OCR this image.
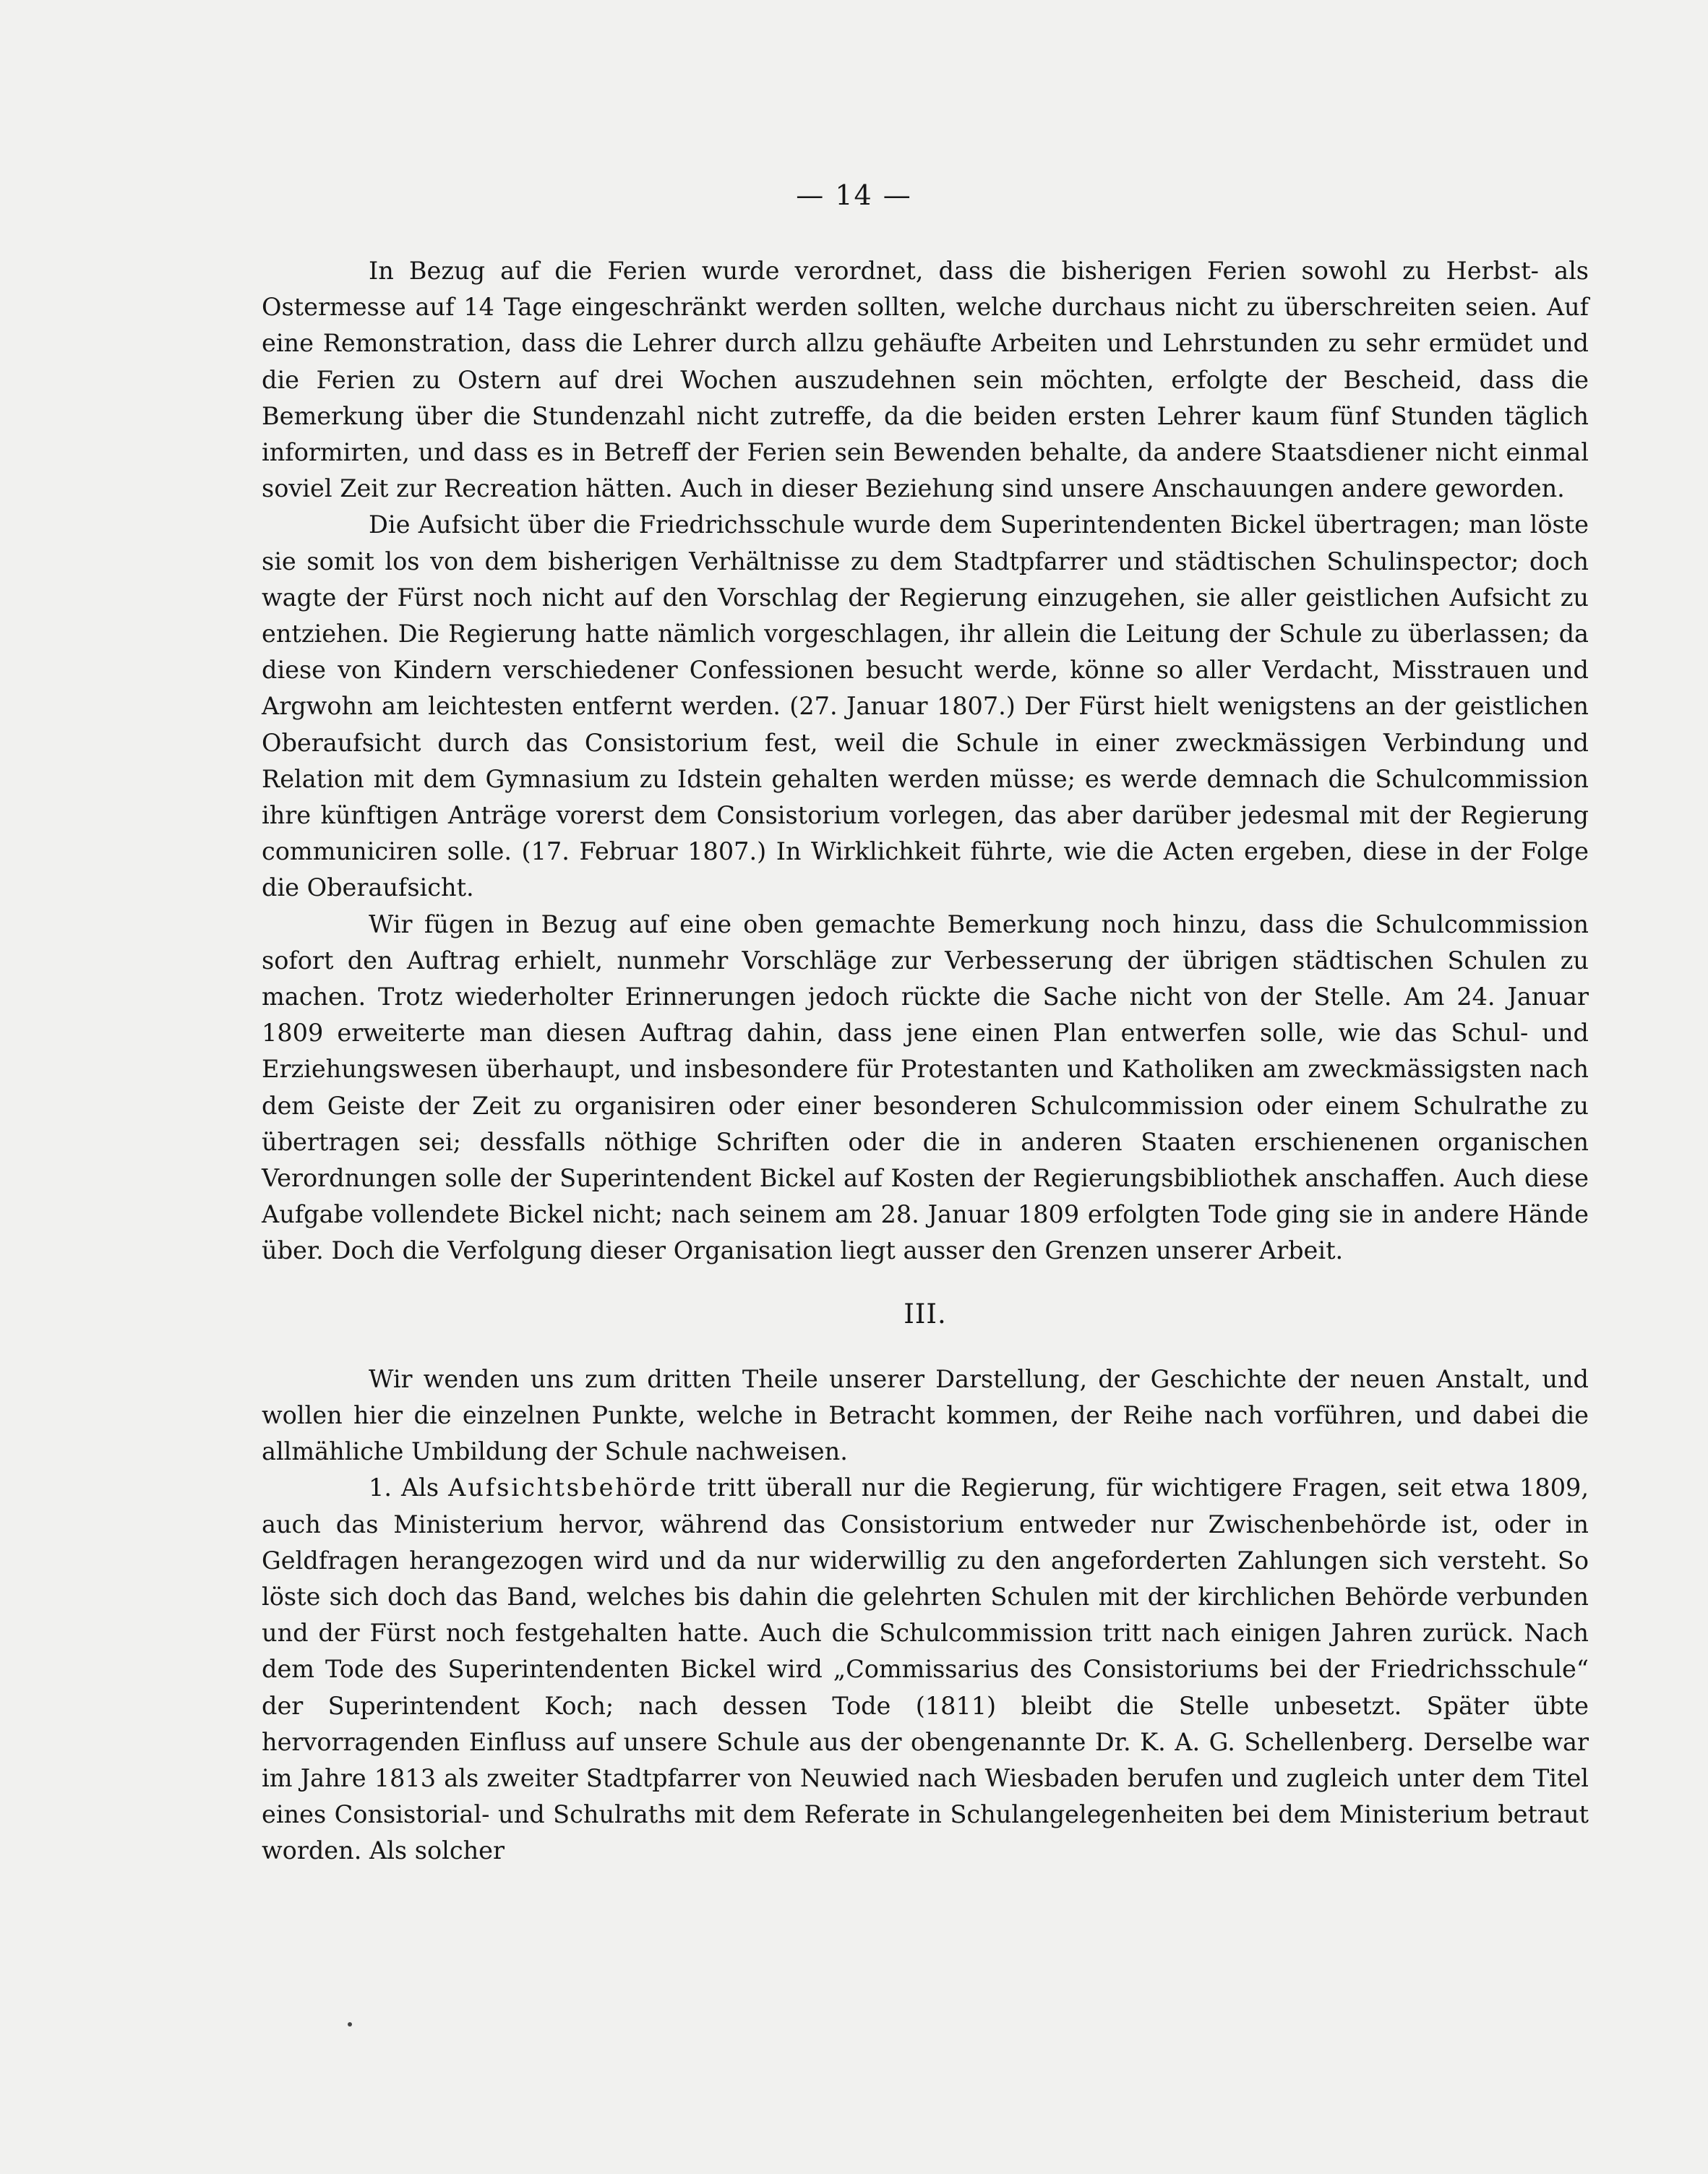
— 14 —

In Bezug auf die Ferien wurde verordnet, dass die bisherigen Ferien sowohl zu Herbst- als Ostermesse auf 14 Tage eingeschränkt werden sollten, welche durchaus nicht zu überschreiten seien. Auf eine Remonstration, dass die Lehrer durch allzu gehäufte Arbeiten und Lehrstunden zu sehr ermüdet und die Ferien zu Ostern auf drei Wochen auszudehnen sein möchten, erfolgte der Bescheid, dass die Bemerkung über die Stundenzahl nicht zutreffe, da die beiden ersten Lehrer kaum fünf Stunden täglich informirten, und dass es in Betreff der Ferien sein Bewenden behalte, da andere Staatsdiener nicht einmal soviel Zeit zur Recreation hätten. Auch in dieser Beziehung sind unsere Anschauungen andere geworden.

Die Aufsicht über die Friedrichsschule wurde dem Superintendenten Bickel übertragen; man löste sie somit los von dem bisherigen Verhältnisse zu dem Stadtpfarrer und städtischen Schulinspector; doch wagte der Fürst noch nicht auf den Vorschlag der Regierung einzugehen, sie aller geistlichen Aufsicht zu entziehen. Die Regierung hatte nämlich vorgeschlagen, ihr allein die Leitung der Schule zu überlassen; da diese von Kindern verschiedener Confessionen besucht werde, könne so aller Verdacht, Misstrauen und Argwohn am leichtesten entfernt werden. (27. Januar 1807.) Der Fürst hielt wenigstens an der geistlichen Oberaufsicht durch das Consistorium fest, weil die Schule in einer zweckmässigen Verbindung und Relation mit dem Gymnasium zu Idstein gehalten werden müsse; es werde demnach die Schulcommission ihre künftigen Anträge vorerst dem Consistorium vorlegen, das aber darüber jedesmal mit der Regierung communiciren solle. (17. Februar 1807.) In Wirklichkeit führte, wie die Acten ergeben, diese in der Folge die Oberaufsicht.

Wir fügen in Bezug auf eine oben gemachte Bemerkung noch hinzu, dass die Schulcommission sofort den Auftrag erhielt, nunmehr Vorschläge zur Verbesserung der übrigen städtischen Schulen zu machen. Trotz wiederholter Erinnerungen jedoch rückte die Sache nicht von der Stelle. Am 24. Januar 1809 erweiterte man diesen Auftrag dahin, dass jene einen Plan entwerfen solle, wie das Schul- und Erziehungswesen überhaupt, und insbesondere für Protestanten und Katholiken am zweckmässigsten nach dem Geiste der Zeit zu organisiren oder einer besonderen Schulcommission oder einem Schulrathe zu übertragen sei; dessfalls nöthige Schriften oder die in anderen Staaten erschienenen organischen Verordnungen solle der Superintendent Bickel auf Kosten der Regierungsbibliothek anschaffen. Auch diese Aufgabe vollendete Bickel nicht; nach seinem am 28. Januar 1809 erfolgten Tode ging sie in andere Hände über. Doch die Verfolgung dieser Organisation liegt ausser den Grenzen unserer Arbeit.

III.

Wir wenden uns zum dritten Theile unserer Darstellung, der Geschichte der neuen Anstalt, und wollen hier die einzelnen Punkte, welche in Betracht kommen, der Reihe nach vorführen, und dabei die allmähliche Umbildung der Schule nachweisen.

1. Als Aufsichtsbehörde tritt überall nur die Regierung, für wichtigere Fragen, seit etwa 1809, auch das Ministerium hervor, während das Consistorium entweder nur Zwischenbehörde ist, oder in Geldfragen herangezogen wird und da nur widerwillig zu den angeforderten Zahlungen sich versteht. So löste sich doch das Band, welches bis dahin die gelehrten Schulen mit der kirchlichen Behörde verbunden und der Fürst noch festgehalten hatte. Auch die Schulcommission tritt nach einigen Jahren zurück. Nach dem Tode des Superintendenten Bickel wird „Commissarius des Consistoriums bei der Friedrichsschule“ der Superintendent Koch; nach dessen Tode (1811) bleibt die Stelle unbesetzt. Später übte hervorragenden Einfluss auf unsere Schule aus der obengenannte Dr. K. A. G. Schellenberg. Derselbe war im Jahre 1813 als zweiter Stadtpfarrer von Neuwied nach Wiesbaden berufen und zugleich unter dem Titel eines Consistorial- und Schulraths mit dem Referate in Schulangelegenheiten bei dem Ministerium betraut worden. Als solcher
